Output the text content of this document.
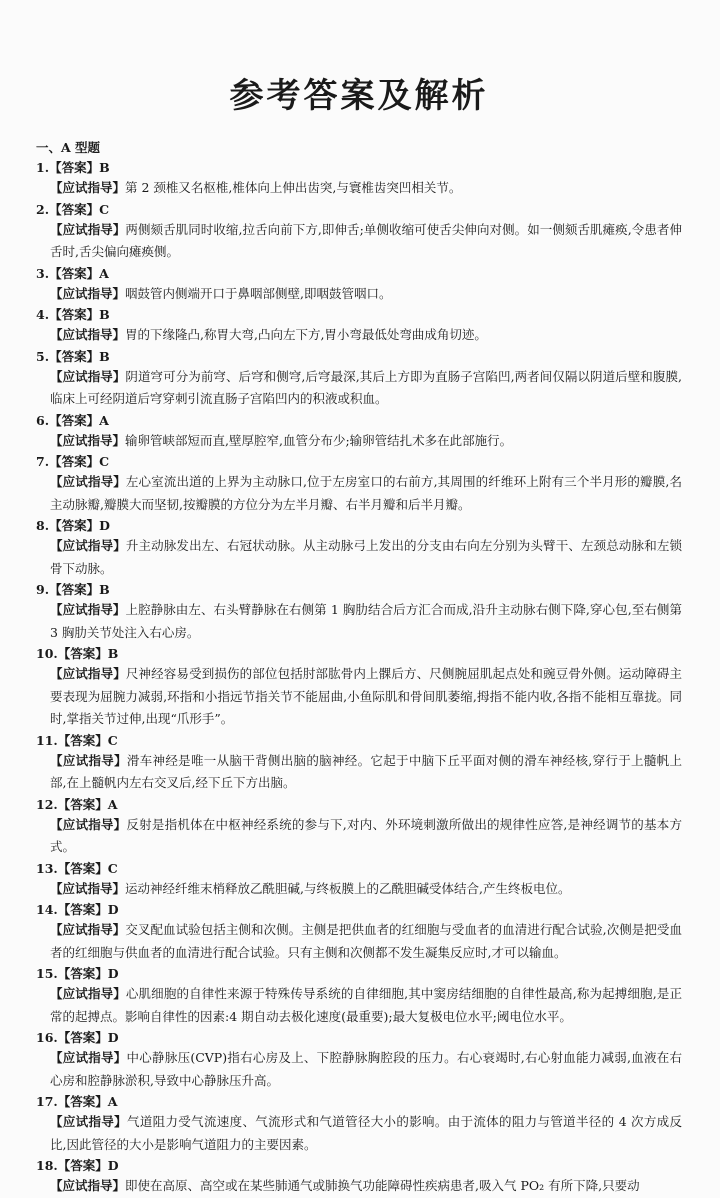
参考答案及解析
一、A 型题
1.【答案】B
【应试指导】第 2 颈椎又名枢椎,椎体向上伸出齿突,与寰椎齿突凹相关节。
2.【答案】C
【应试指导】两侧颏舌肌同时收缩,拉舌向前下方,即伸舌;单侧收缩可使舌尖伸向对侧。如一侧颏舌肌瘫痪,令患者伸舌时,舌尖偏向瘫痪侧。
3.【答案】A
【应试指导】咽鼓管内侧端开口于鼻咽部侧壁,即咽鼓管咽口。
4.【答案】B
【应试指导】胃的下缘隆凸,称胃大弯,凸向左下方,胃小弯最低处弯曲成角切迹。
5.【答案】B
【应试指导】阴道穹可分为前穹、后穹和侧穹,后穹最深,其后上方即为直肠子宫陷凹,两者间仅隔以阴道后壁和腹膜,临床上可经阴道后穹穿刺引流直肠子宫陷凹内的积液或积血。
6.【答案】A
【应试指导】输卵管峡部短而直,壁厚腔窄,血管分布少;输卵管结扎术多在此部施行。
7.【答案】C
【应试指导】左心室流出道的上界为主动脉口,位于左房室口的右前方,其周围的纤维环上附有三个半月形的瓣膜,名主动脉瓣,瓣膜大而坚韧,按瓣膜的方位分为左半月瓣、右半月瓣和后半月瓣。
8.【答案】D
【应试指导】升主动脉发出左、右冠状动脉。从主动脉弓上发出的分支由右向左分别为头臂干、左颈总动脉和左锁骨下动脉。
9.【答案】B
【应试指导】上腔静脉由左、右头臂静脉在右侧第 1 胸肋结合后方汇合而成,沿升主动脉右侧下降,穿心包,至右侧第 3 胸肋关节处注入右心房。
10.【答案】B
【应试指导】尺神经容易受到损伤的部位包括肘部肱骨内上髁后方、尺侧腕屈肌起点处和豌豆骨外侧。运动障碍主要表现为屈腕力减弱,环指和小指远节指关节不能屈曲,小鱼际肌和骨间肌萎缩,拇指不能内收,各指不能相互靠拢。同时,掌指关节过伸,出现“爪形手”。
11.【答案】C
【应试指导】滑车神经是唯一从脑干背侧出脑的脑神经。它起于中脑下丘平面对侧的滑车神经核,穿行于上髓帆上部,在上髓帆内左右交叉后,经下丘下方出脑。
12.【答案】A
【应试指导】反射是指机体在中枢神经系统的参与下,对内、外环境刺激所做出的规律性应答,是神经调节的基本方式。
13.【答案】C
【应试指导】运动神经纤维末梢释放乙酰胆碱,与终板膜上的乙酰胆碱受体结合,产生终板电位。
14.【答案】D
【应试指导】交叉配血试验包括主侧和次侧。主侧是把供血者的红细胞与受血者的血清进行配合试验,次侧是把受血者的红细胞与供血者的血清进行配合试验。只有主侧和次侧都不发生凝集反应时,才可以输血。
15.【答案】D
【应试指导】心肌细胞的自律性来源于特殊传导系统的自律细胞,其中窦房结细胞的自律性最高,称为起搏细胞,是正常的起搏点。影响自律性的因素:4 期自动去极化速度(最重要);最大复极电位水平;阈电位水平。
16.【答案】D
【应试指导】中心静脉压(CVP)指右心房及上、下腔静脉胸腔段的压力。右心衰竭时,右心射血能力减弱,血液在右心房和腔静脉淤积,导致中心静脉压升高。
17.【答案】A
【应试指导】气道阻力受气流速度、气流形式和气道管径大小的影响。由于流体的阻力与管道半径的 4 次方成反比,因此管径的大小是影响气道阻力的主要因素。
18.【答案】D
【应试指导】即使在高原、高空或在某些肺通气或肺换气功能障碍性疾病患者,吸入气 PO₂ 有所下降,只要动
